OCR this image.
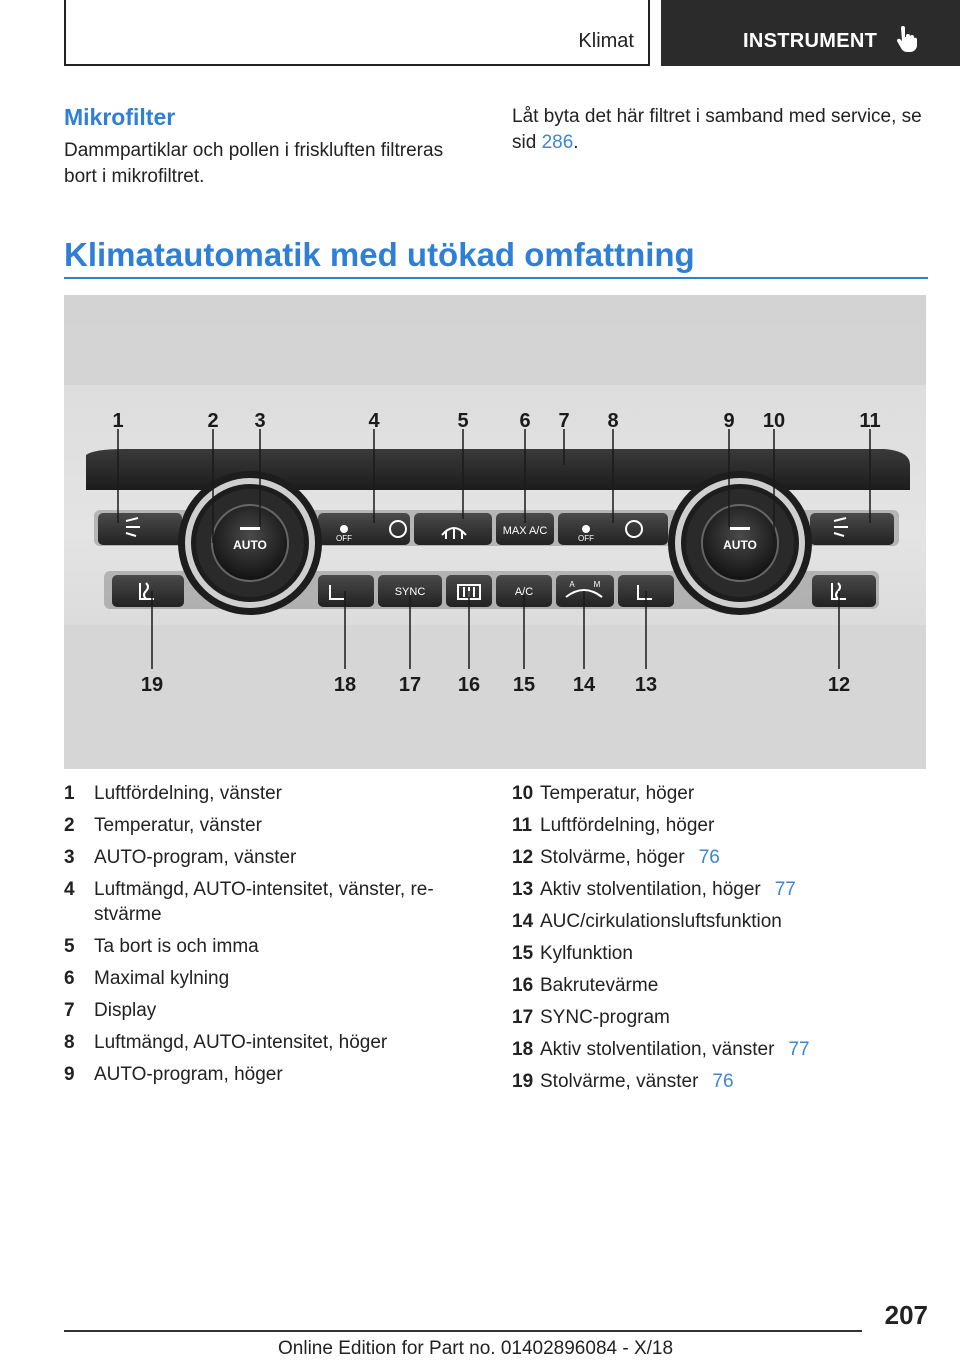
Klimat	INSTRUMENT
Mikrofilter
Dammpartiklar och pollen i friskluften filtreras
bort i mikrofiltret.
Låt byta det här filtret i samband med service, se
sid 286.
Klimatautomatik med utökad omfattning
AUTO	AUTO
OFF	OFF
MAX A/C
SYNC	A/C
A M
1	2 3	4	5	6 7 8	9 10	11
19	18 17 16 15 14 13	12
1 Luftfördelning, vänster
2 Temperatur, vänster
3 AUTO-program, vänster
4 Luftmängd, AUTO-intensitet, vänster, re-
stvärme
5 Ta bort is och imma
6 Maximal kylning
7 Display
8 Luftmängd, AUTO-intensitet, höger
9 AUTO-program, höger
10 Temperatur, höger
11 Luftfördelning, höger
12 Stolvärme, höger 76
13 Aktiv stolventilation, höger 77
14 AUC/cirkulationsluftsfunktion
15 Kylfunktion
16 Bakrutevärme
17 SYNC-program
18 Aktiv stolventilation, vänster 77
19 Stolvärme, vänster 76
207
Online Edition for Part no. 01402896084 - X/18
